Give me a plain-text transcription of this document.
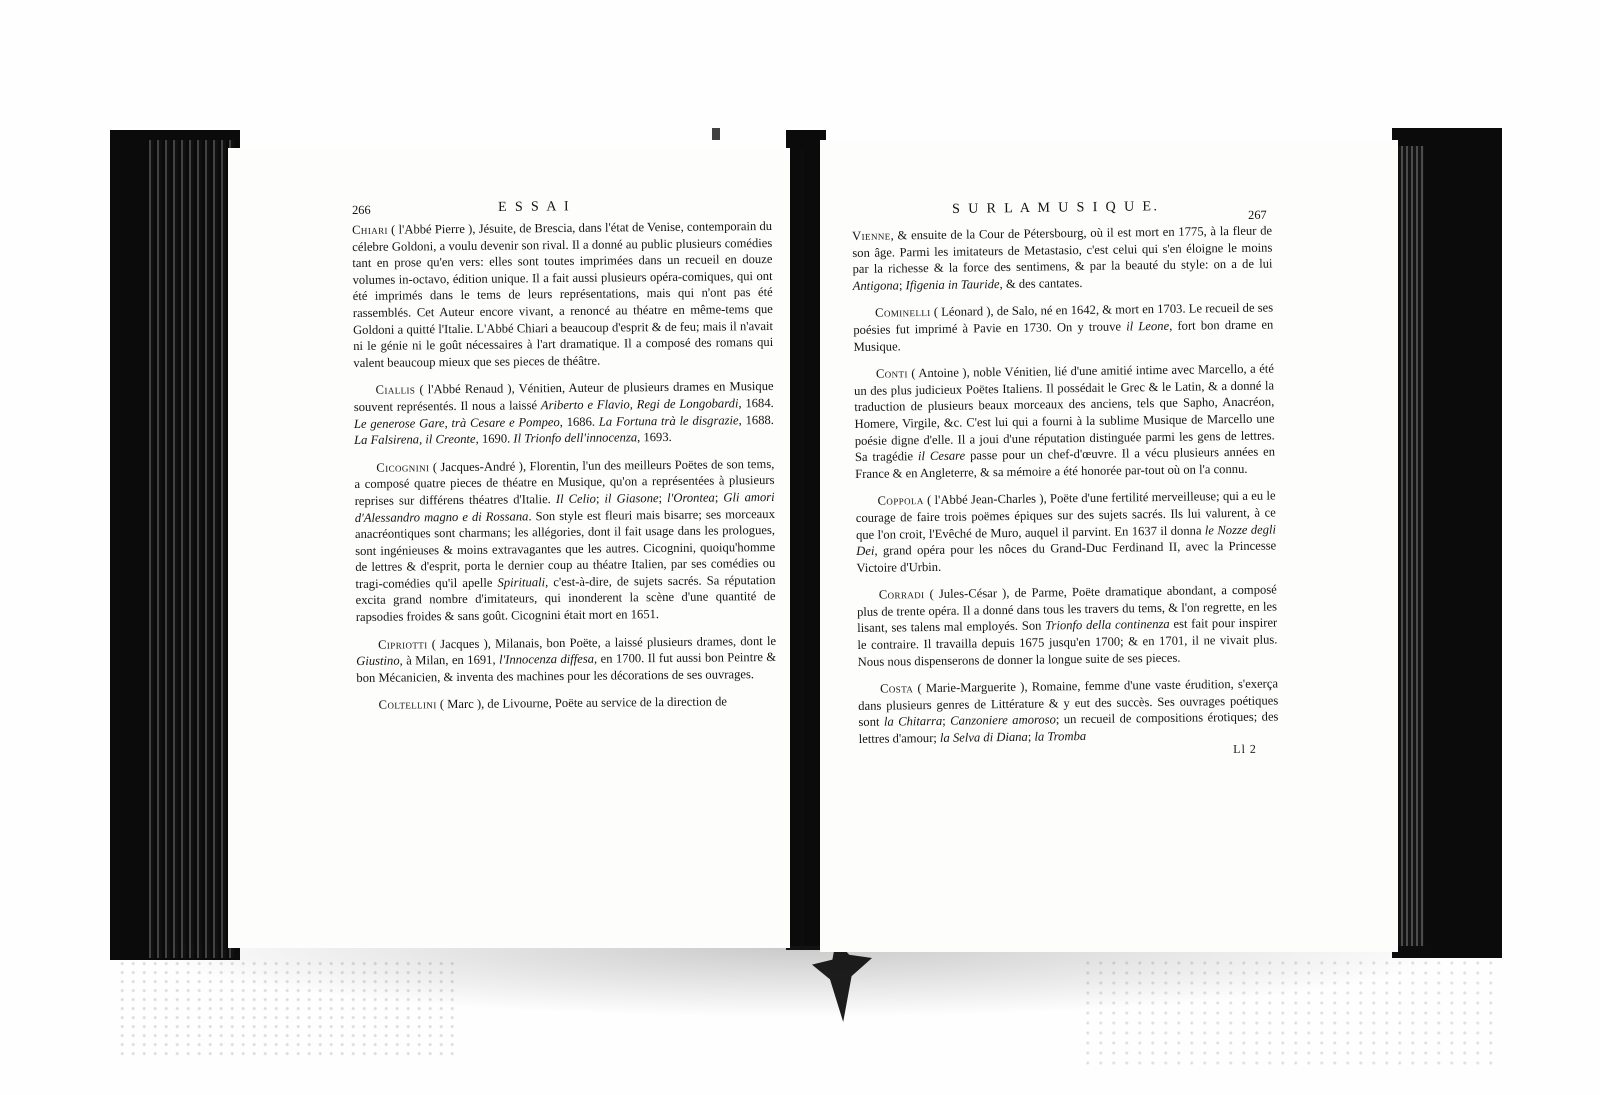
266	E S S A I

Chiari ( l'Abbé Pierre ), Jésuite, de Brescia, dans l'état de Venise, contemporain du célebre Goldoni, a voulu devenir son rival. Il a donné au public plusieurs comédies tant en prose qu'en vers: elles sont toutes imprimées dans un recueil en douze volumes in-octavo, édition unique. Il a fait aussi plusieurs opéra-comiques, qui ont été imprimés dans le tems de leurs représentations, mais qui n'ont pas été rassemblés. Cet Auteur encore vivant, a renoncé au théatre en même-tems que Goldoni a quitté l'Italie. L'Abbé Chiari a beaucoup d'esprit & de feu; mais il n'avait ni le génie ni le goût nécessaires à l'art dramatique. Il a composé des romans qui valent beaucoup mieux que ses pieces de théâtre.

Ciallis ( l'Abbé Renaud ), Vénitien, Auteur de plusieurs drames en Musique souvent représentés. Il nous a laissé Ariberto e Flavio, Regi de Longobardi, 1684. Le generose Gare, trà Cesare e Pompeo, 1686. La Fortuna trà le disgrazie, 1688. La Falsirena, il Creonte, 1690. Il Trionfo dell'innocenza, 1693.

Cicognini ( Jacques-André ), Florentin, l'un des meilleurs Poëtes de son tems, a composé quatre pieces de théatre en Musique, qu'on a représentées à plusieurs reprises sur différens théatres d'Italie. Il Celio; il Giasone; l'Orontea; Gli amori d'Alessandro magno e di Rossana. Son style est fleuri mais bisarre; ses morceaux anacréontiques sont charmans; les allégories, dont il fait usage dans les prologues, sont ingénieuses & moins extravagantes que les autres. Cicognini, quoiqu'homme de lettres & d'esprit, porta le dernier coup au théatre Italien, par ses comédies ou tragi-comédies qu'il apelle Spirituali, c'est-à-dire, de sujets sacrés. Sa réputation excita grand nombre d'imitateurs, qui inonderent la scène d'une quantité de rapsodies froides & sans goût. Cicognini était mort en 1651.

Cipriotti ( Jacques ), Milanais, bon Poëte, a laissé plusieurs drames, dont le Giustino, à Milan, en 1691, l'Innocenza diffesa, en 1700. Il fut aussi bon Peintre & bon Mécanicien, & inventa des machines pour les décorations de ses ouvrages.

Coltellini ( Marc ), de Livourne, Poëte au service de la direction de

S U R L A M U S I Q U E.	267

Vienne, & ensuite de la Cour de Pétersbourg, où il est mort en 1775, à la fleur de son âge. Parmi les imitateurs de Metastasio, c'est celui qui s'en éloigne le moins par la richesse & la force des sentimens, & par la beauté du style: on a de lui Antigona; Ifigenia in Tauride, & des cantates.

Cominelli ( Léonard ), de Salo, né en 1642, & mort en 1703. Le recueil de ses poésies fut imprimé à Pavie en 1730. On y trouve il Leone, fort bon drame en Musique.

Conti ( Antoine ), noble Vénitien, lié d'une amitié intime avec Marcello, a été un des plus judicieux Poëtes Italiens. Il possédait le Grec & le Latin, & a donné la traduction de plusieurs beaux morceaux des anciens, tels que Sapho, Anacréon, Homere, Virgile, &c. C'est lui qui a fourni à la sublime Musique de Marcello une poésie digne d'elle. Il a joui d'une réputation distinguée parmi les gens de lettres. Sa tragédie il Cesare passe pour un chef-d'œuvre. Il a vécu plusieurs années en France & en Angleterre, & sa mémoire a été honorée par-tout où on l'a connu.

Coppola ( l'Abbé Jean-Charles ), Poëte d'une fertilité merveilleuse; qui a eu le courage de faire trois poëmes épiques sur des sujets sacrés. Ils lui valurent, à ce que l'on croit, l'Evêché de Muro, auquel il parvint. En 1637 il donna le Nozze degli Dei, grand opéra pour les nôces du Grand-Duc Ferdinand II, avec la Princesse Victoire d'Urbin.

Corradi ( Jules-César ), de Parme, Poëte dramatique abondant, a composé plus de trente opéra. Il a donné dans tous les travers du tems, & l'on regrette, en les lisant, ses talens mal employés. Son Trionfo della continenza est fait pour inspirer le contraire. Il travailla depuis 1675 jusqu'en 1700; & en 1701, il ne vivait plus. Nous nous dispenserons de donner la longue suite de ses pieces.

Costa ( Marie-Marguerite ), Romaine, femme d'une vaste érudition, s'exerça dans plusieurs genres de Littérature & y eut des succès. Ses ouvrages poétiques sont la Chitarra; Canzoniere amoroso; un recueil de compositions érotiques; des lettres d'amour; la Selva di Diana; la Tromba

Ll 2
